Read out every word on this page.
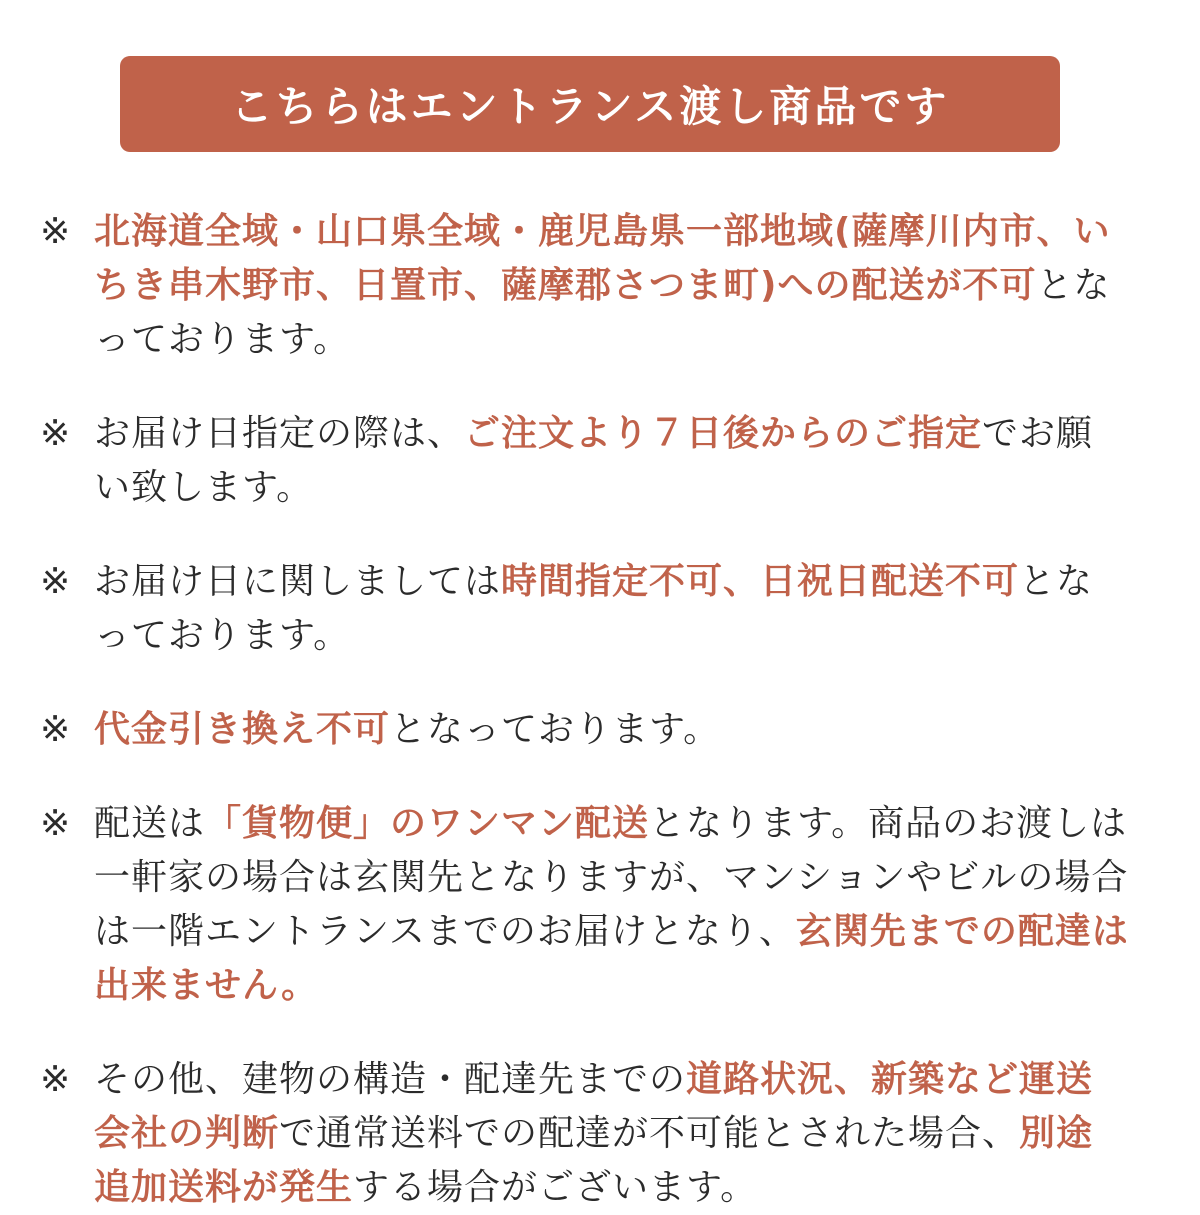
こちらはエントランス渡し商品です
※ 北海道全域・山口県全域・鹿児島県一部地域(薩摩川内市、いちき串木野市、日置市、薩摩郡さつま町)への配送が不可となっております。
※ お届け日指定の際は、ご注文より７日後からのご指定でお願い致します。
※ お届け日に関しましては時間指定不可、日祝日配送不可となっております。
※ 代金引き換え不可となっております。
※ 配送は「貨物便」のワンマン配送となります。商品のお渡しは一軒家の場合は玄関先となりますが、マンションやビルの場合は一階エントランスまでのお届けとなり、玄関先までの配達は出来ません。
※ その他、建物の構造・配達先までの道路状況、新築など運送会社の判断で通常送料での配達が不可能とされた場合、別途追加送料が発生する場合がございます。
